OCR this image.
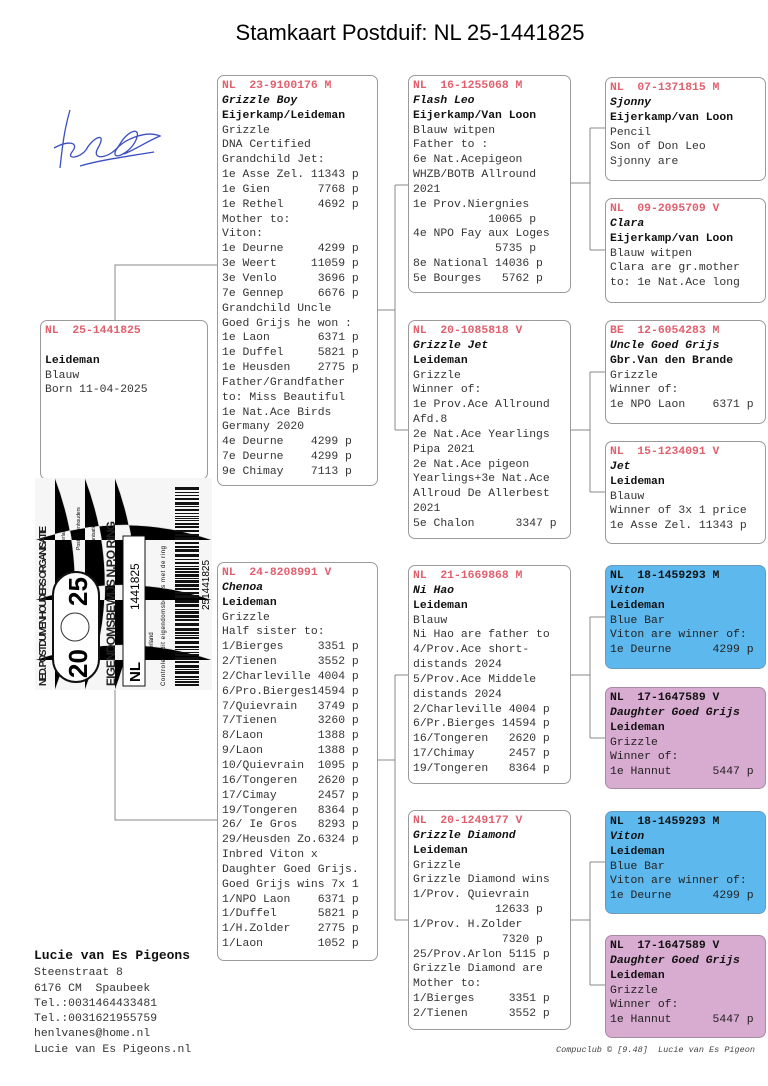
Stamkaart Postduif: NL 25-1441825
NL  25-1441825
Leideman
Blauw
Born 11-04-2025
NED. POSTDUIVENHOUDERS ORGANISATIE
20
25
EIGENDOMSBEWIJS N.P.O RING
NL
1441825
Nederland
Nederlandse Postduivenhouders Organisatie
Controleer dit eigendomsbewijs met de ring
251441825
NL  23-9100176 M
Grizzle Boy
Eijerkamp/Leideman
Grizzle
DNA Certified
Grandchild Jet:
1e Asse Zel. 11343 p
1e Gien       7768 p
1e Rethel     4692 p
Mother to:
Viton:
1e Deurne     4299 p
3e Weert     11059 p
3e Venlo      3696 p
7e Gennep     6676 p
Grandchild Uncle
Goed Grijs he won :
1e Laon       6371 p
1e Duffel     5821 p
1e Heusden    2775 p
Father/Grandfather
to: Miss Beautiful
1e Nat.Ace Birds
Germany 2020
4e Deurne    4299 p
7e Deurne    4299 p
9e Chimay    7113 p
NL  24-8208991 V
Chenoa
Leideman
Grizzle
Half sister to:
1/Bierges     3351 p
2/Tienen      3552 p
2/Charleville 4004 p
6/Pro.Bierges14594 p
7/Quievrain   3749 p
7/Tienen      3260 p
8/Laon        1388 p
9/Laon        1388 p
10/Quievrain  1095 p
16/Tongeren   2620 p
17/Cimay      2457 p
19/Tongeren   8364 p
26/ Ie Gros   8293 p
29/Heusden Zo.6324 p
Inbred Viton x
Daughter Goed Grijs.
Goed Grijs wins 7x 1
1/NPO Laon    6371 p
1/Duffel      5821 p
1/H.Zolder    2775 p
1/Laon        1052 p
NL  16-1255068 M
Flash Leo
Eijerkamp/Van Loon
Blauw witpen
Father to :
6e Nat.Acepigeon
WHZB/BOTB Allround
2021
1e Prov.Niergnies
10065 p
4e NPO Fay aux Loges
5735 p
8e National 14036 p
5e Bourges   5762 p
NL  20-1085818 V
Grizzle Jet
Leideman
Grizzle
Winner of:
1e Prov.Ace Allround
Afd.8
2e Nat.Ace Yearlings
Pipa 2021
2e Nat.Ace pigeon
Yearlings+3e Nat.Ace
Allroud De Allerbest
2021
5e Chalon      3347 p
NL  21-1669868 M
Ni Hao
Leideman
Blauw
Ni Hao are father to
4/Prov.Ace short-
distands 2024
5/Prov.Ace Middele
distands 2024
2/Charleville 4004 p
6/Pr.Bierges 14594 p
16/Tongeren   2620 p
17/Chimay     2457 p
19/Tongeren   8364 p
NL  20-1249177 V
Grizzle Diamond
Leideman
Grizzle
Grizzle Diamond wins
1/Prov. Quievrain
12633 p
1/Prov. H.Zolder
7320 p
25/Prov.Arlon 5115 p
Grizzle Diamond are
Mother to:
1/Bierges     3351 p
2/Tienen      3552 p
NL  07-1371815 M
Sjonny
Eijerkamp/van Loon
Pencil
Son of Don Leo
Sjonny are
NL  09-2095709 V
Clara
Eijerkamp/van Loon
Blauw witpen
Clara are gr.mother
to: 1e Nat.Ace long
BE  12-6054283 M
Uncle Goed Grijs
Gbr.Van den Brande
Grizzle
Winner of:
1e NPO Laon    6371 p
NL  15-1234091 V
Jet
Leideman
Blauw
Winner of 3x 1 price
1e Asse Zel. 11343 p
NL  18-1459293 M
Viton
Leideman
Blue Bar
Viton are winner of:
1e Deurne      4299 p
NL  17-1647589 V
Daughter Goed Grijs
Leideman
Grizzle
Winner of:
1e Hannut      5447 p
NL  18-1459293 M
Viton
Leideman
Blue Bar
Viton are winner of:
1e Deurne      4299 p
NL  17-1647589 V
Daughter Goed Grijs
Leideman
Grizzle
Winner of:
1e Hannut      5447 p
Lucie van Es Pigeons
Steenstraat 8
6176 CM  Spaubeek
Tel.:0031464433481
Tel.:0031621955759
henlvanes@home.nl
Lucie van Es Pigeons.nl	Compuclub © [9.48]  Lucie van Es Pigeon
